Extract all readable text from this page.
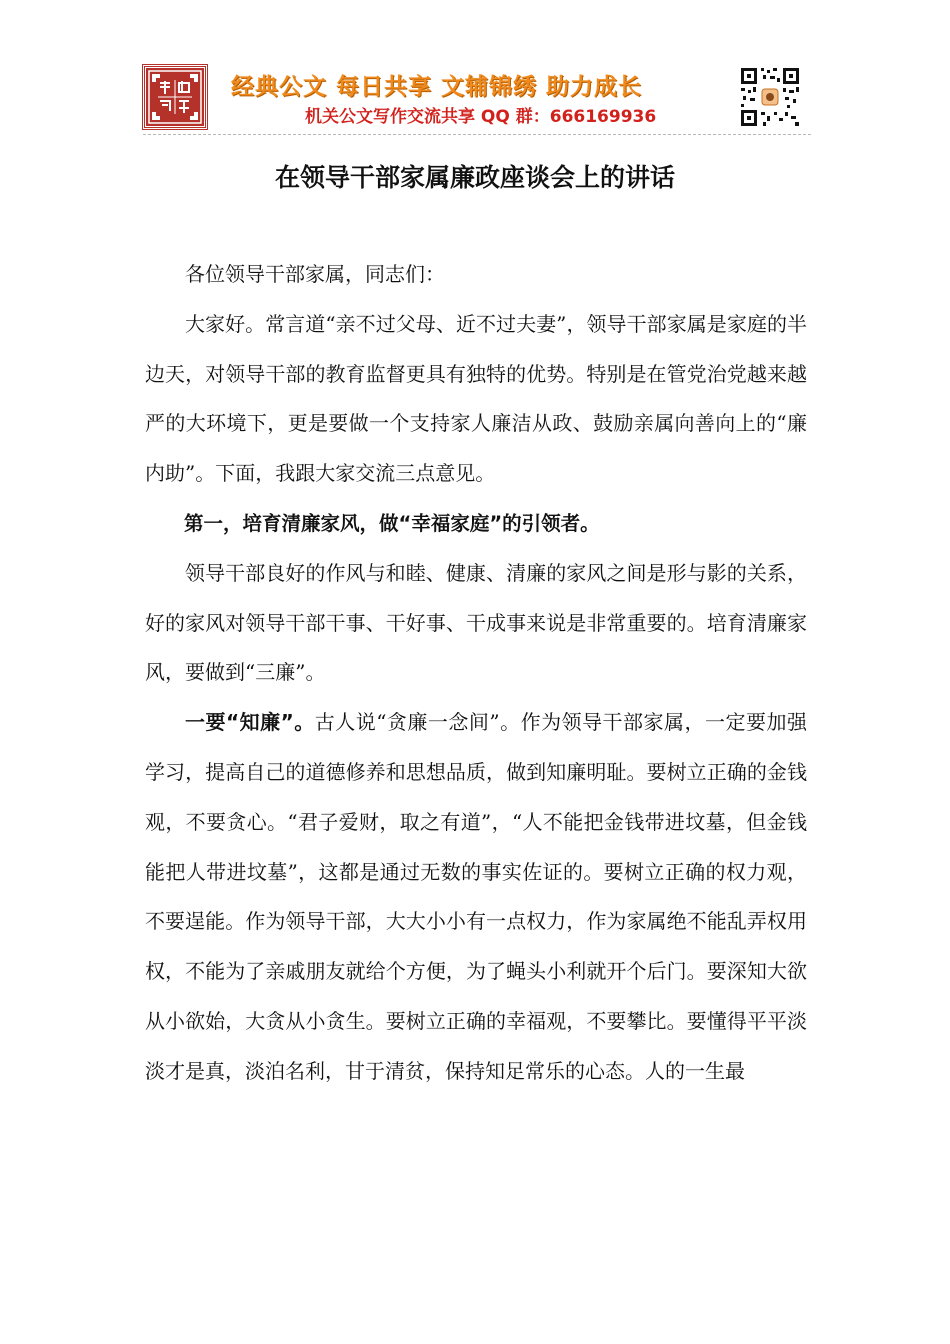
经典公文 每日共享 文辅锦绣 助力成长
机关公文写作交流共享 QQ 群：666169936
在领导干部家属廉政座谈会上的讲话

各位领导干部家属，同志们：

大家好。常言道“亲不过父母、近不过夫妻”，领导干部家属是家庭的半边天，对领导干部的教育监督更具有独特的优势。特别是在管党治党越来越严的大环境下，更是要做一个支持家人廉洁从政、鼓励亲属向善向上的“廉内助”。下面，我跟大家交流三点意见。

第一，培育清廉家风，做“幸福家庭”的引领者。

领导干部良好的作风与和睦、健康、清廉的家风之间是形与影的关系，好的家风对领导干部干事、干好事、干成事来说是非常重要的。培育清廉家风，要做到“三廉”。

一要“知廉”。古人说“贪廉一念间”。作为领导干部家属，一定要加强学习，提高自己的道德修养和思想品质，做到知廉明耻。要树立正确的金钱观，不要贪心。“君子爱财，取之有道”，“人不能把金钱带进坟墓，但金钱能把人带进坟墓”，这都是通过无数的事实佐证的。要树立正确的权力观，不要逞能。作为领导干部，大大小小有一点权力，作为家属绝不能乱弄权用权，不能为了亲戚朋友就给个方便，为了蝇头小利就开个后门。要深知大欲从小欲始，大贪从小贪生。要树立正确的幸福观，不要攀比。要懂得平平淡淡才是真，淡泊名利，甘于清贫，保持知足常乐的心态。人的一生最
